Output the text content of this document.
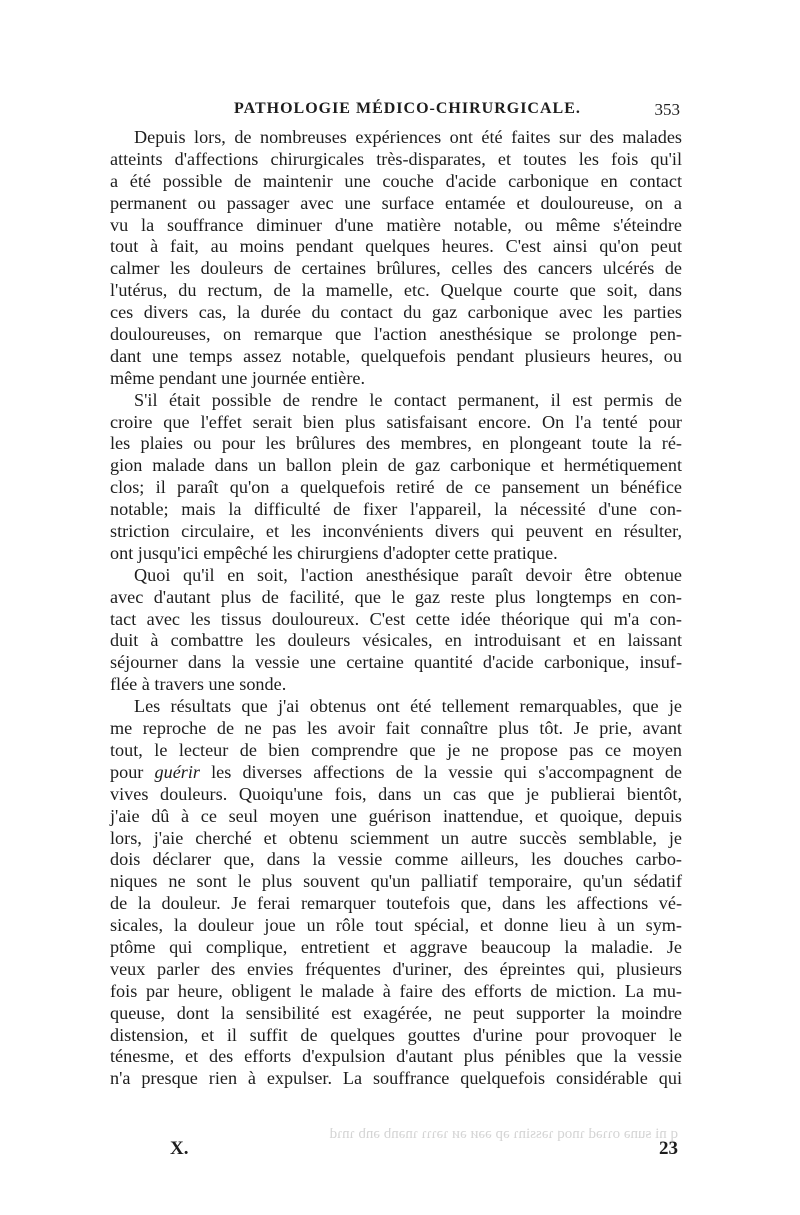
PATHOLOGIE MÉDICO-CHIRURGICALE.	353
Depuis lors, de nombreuses expériences ont été faites sur des malades
atteints d'affections chirurgicales très-disparates, et toutes les fois qu'il
a été possible de maintenir une couche d'acide carbonique en contact
permanent ou passager avec une surface entamée et douloureuse, on a
vu la souffrance diminuer d'une matière notable, ou même s'éteindre
tout à fait, au moins pendant quelques heures. C'est ainsi qu'on peut
calmer les douleurs de certaines brûlures, celles des cancers ulcérés de
l'utérus, du rectum, de la mamelle, etc. Quelque courte que soit, dans
ces divers cas, la durée du contact du gaz carbonique avec les parties
douloureuses, on remarque que l'action anesthésique se prolonge pen-
dant une temps assez notable, quelquefois pendant plusieurs heures, ou
même pendant une journée entière.
S'il était possible de rendre le contact permanent, il est permis de
croire que l'effet serait bien plus satisfaisant encore. On l'a tenté pour
les plaies ou pour les brûlures des membres, en plongeant toute la ré-
gion malade dans un ballon plein de gaz carbonique et hermétiquement
clos; il paraît qu'on a quelquefois retiré de ce pansement un bénéfice
notable; mais la difficulté de fixer l'appareil, la nécessité d'une con-
striction circulaire, et les inconvénients divers qui peuvent en résulter,
ont jusqu'ici empêché les chirurgiens d'adopter cette pratique.
Quoi qu'il en soit, l'action anesthésique paraît devoir être obtenue
avec d'autant plus de facilité, que le gaz reste plus longtemps en con-
tact avec les tissus douloureux. C'est cette idée théorique qui m'a con-
duit à combattre les douleurs vésicales, en introduisant et en laissant
séjourner dans la vessie une certaine quantité d'acide carbonique, insuf-
flée à travers une sonde.
Les résultats que j'ai obtenus ont été tellement remarquables, que je
me reproche de ne pas les avoir fait connaître plus tôt. Je prie, avant
tout, le lecteur de bien comprendre que je ne propose pas ce moyen
pour guérir les diverses affections de la vessie qui s'accompagnent de
vives douleurs. Quoiqu'une fois, dans un cas que je publierai bientôt,
j'aie dû à ce seul moyen une guérison inattendue, et quoique, depuis
lors, j'aie cherché et obtenu sciemment un autre succès semblable, je
dois déclarer que, dans la vessie comme ailleurs, les douches carbo-
niques ne sont le plus souvent qu'un palliatif temporaire, qu'un sédatif
de la douleur. Je ferai remarquer toutefois que, dans les affections vé-
sicales, la douleur joue un rôle tout spécial, et donne lieu à un sym-
ptôme qui complique, entretient et aggrave beaucoup la maladie. Je
veux parler des envies fréquentes d'uriner, des épreintes qui, plusieurs
fois par heure, obligent le malade à faire des efforts de miction. La mu-
queuse, dont la sensibilité est exagérée, ne peut supporter la moindre
distension, et il suffit de quelques gouttes d'urine pour provoquer le
ténesme, et des efforts d'expulsion d'autant plus pénibles que la vessie
n'a presque rien à expulser. La souffrance quelquefois considérable qui
q ni ᵴunǝ oɿɿǝd ɿnoq ɿǝssinɿ ǝp ǝǝᴎ ǝᴎ ɿǝɿɿɿ ɿnǝnb ǝnb ɿnɿd
X.	23
